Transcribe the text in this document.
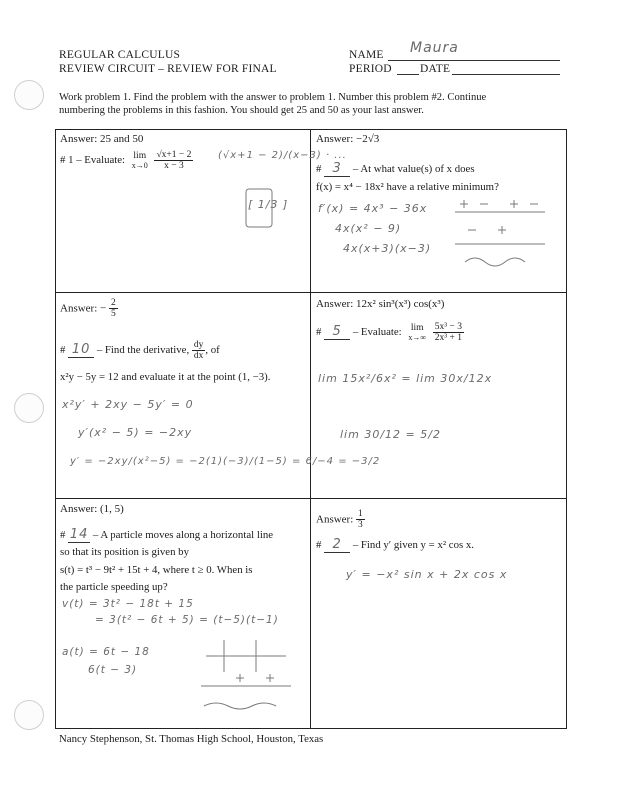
REGULAR CALCULUS
REVIEW CIRCUIT – REVIEW FOR FINAL
NAME Maura
PERIOD DATE
Work problem 1. Find the problem with the answer to problem 1. Number this problem #2. Continue
numbering the problems in this fashion. You should get 25 and 50 as your last answer.
Answer: 25 and 50
# 1 – Evaluate: lim
x→0
$\frac{√x+1 - 2}{x - 3} (√x+1 - 2)/(x-3)$ · ...
[ 1/3 ]
Answer: −2√3
# 3 – At what value(s) of x does
f(x) = x⁴ − 18x² have a relative minimum?
f′(x) = 4x³ − 36x
4x(x² − 9)
4x(x+3)(x−3)
Answer: − $\frac{2}{5}$
# 10 – Find the derivative, $\frac{dy}{dx}$ , of
x²y − 5y = 12 and evaluate it at the point (1, −3).
x²y′ + 2xy − 5y′ = 0
y′(x² − 5) = −2xy
y′ = −2xy/(x²−5) = −2(1)(−3)/(1−5) = 6/−4 = −3/2
Answer: 12x² sin³(x³) cos(x³)
# 5 – Evaluate: lim
x→∞
$\frac{\text{5x³ − 3}}{\text{2x³ + 1}}$
lim 15x²/6x² = lim 30x/12x
lim 30/12 = 5/2
Answer: (1, 5)
# 14 – A particle moves along a horizontal line
so that its position is given by
s(t) = t³ − 9t² + 15t + 4, where t ≥ 0. When is
the particle speeding up?
v(t) = 3t² − 18t + 15
= 3(t² − 6t + 5) = (t−5)(t−1)
a(t) = 6t − 18
6(t − 3)
Answer: $\frac{1}{3}$
# 2 – Find y′ given y = x² cos x.
y′ = −x² sin x + 2x cos x
Nancy Stephenson, St. Thomas High School, Houston, Texas
